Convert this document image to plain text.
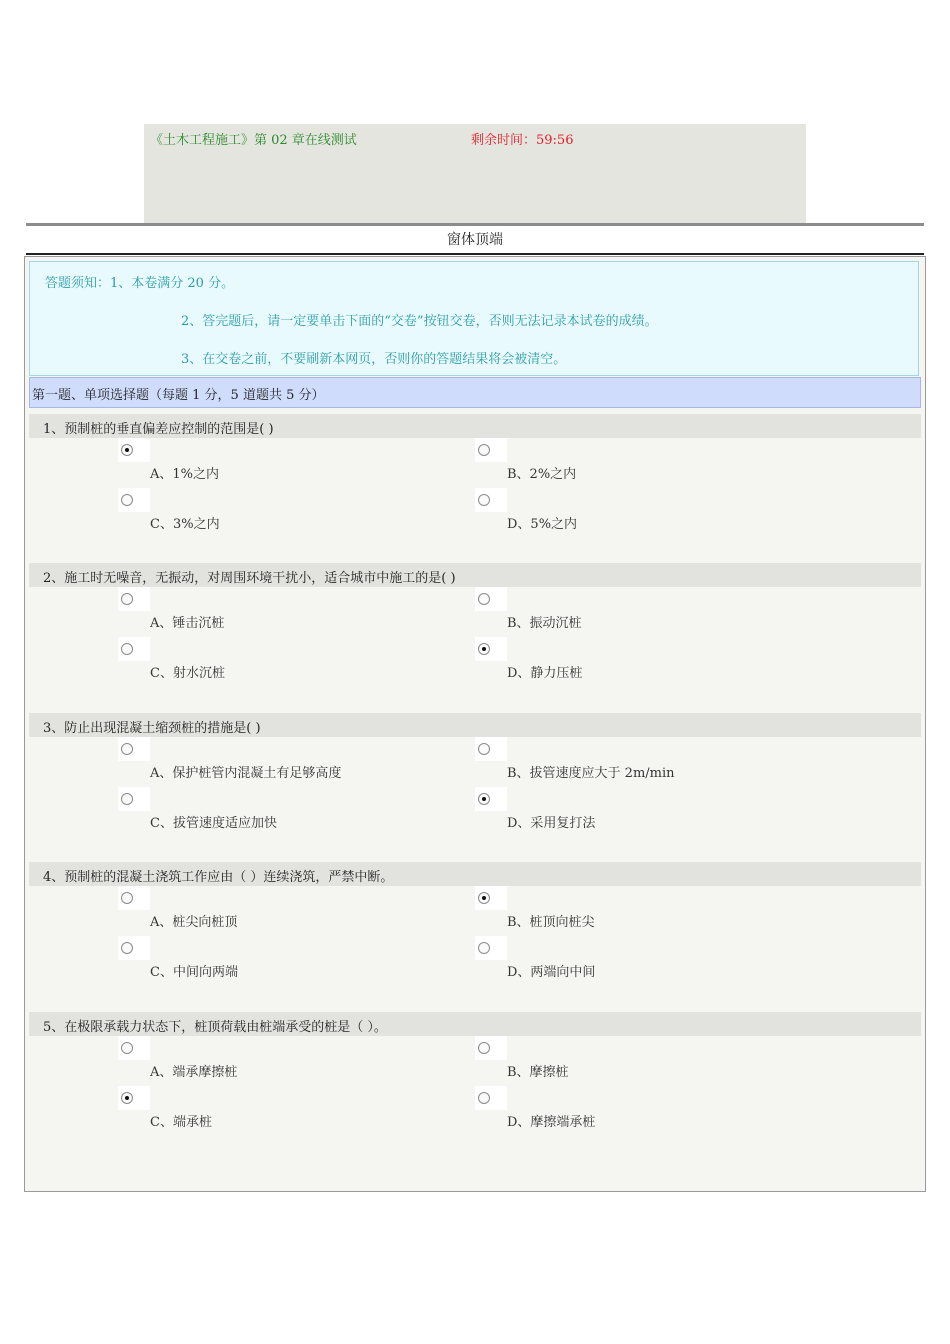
《土木工程施工》第 02 章在线测试	剩余时间：59:56
窗体顶端
答题须知：1、本卷满分 20 分。
2、答完题后，请一定要单击下面的“交卷”按钮交卷，否则无法记录本试卷的成绩。
3、在交卷之前，不要刷新本网页，否则你的答题结果将会被清空。
第一题、单项选择题（每题 1 分，5 道题共 5 分）
1、预制桩的垂直偏差应控制的范围是( )
A、1%之内	B、2%之内
C、3%之内	D、5%之内
2、施工时无噪音，无振动，对周围环境干扰小，适合城市中施工的是( )
A、锤击沉桩	B、振动沉桩
C、射水沉桩	D、静力压桩
3、防止出现混凝土缩颈桩的措施是( )
A、保护桩管内混凝土有足够高度	B、拔管速度应大于 2m/min
C、拔管速度适应加快	D、采用复打法
4、预制桩的混凝土浇筑工作应由（ ）连续浇筑，严禁中断。
A、桩尖向桩顶	B、桩顶向桩尖
C、中间向两端	D、两端向中间
5、在极限承载力状态下，桩顶荷载由桩端承受的桩是（ ）。
A、端承摩擦桩	B、摩擦桩
C、端承桩	D、摩擦端承桩
